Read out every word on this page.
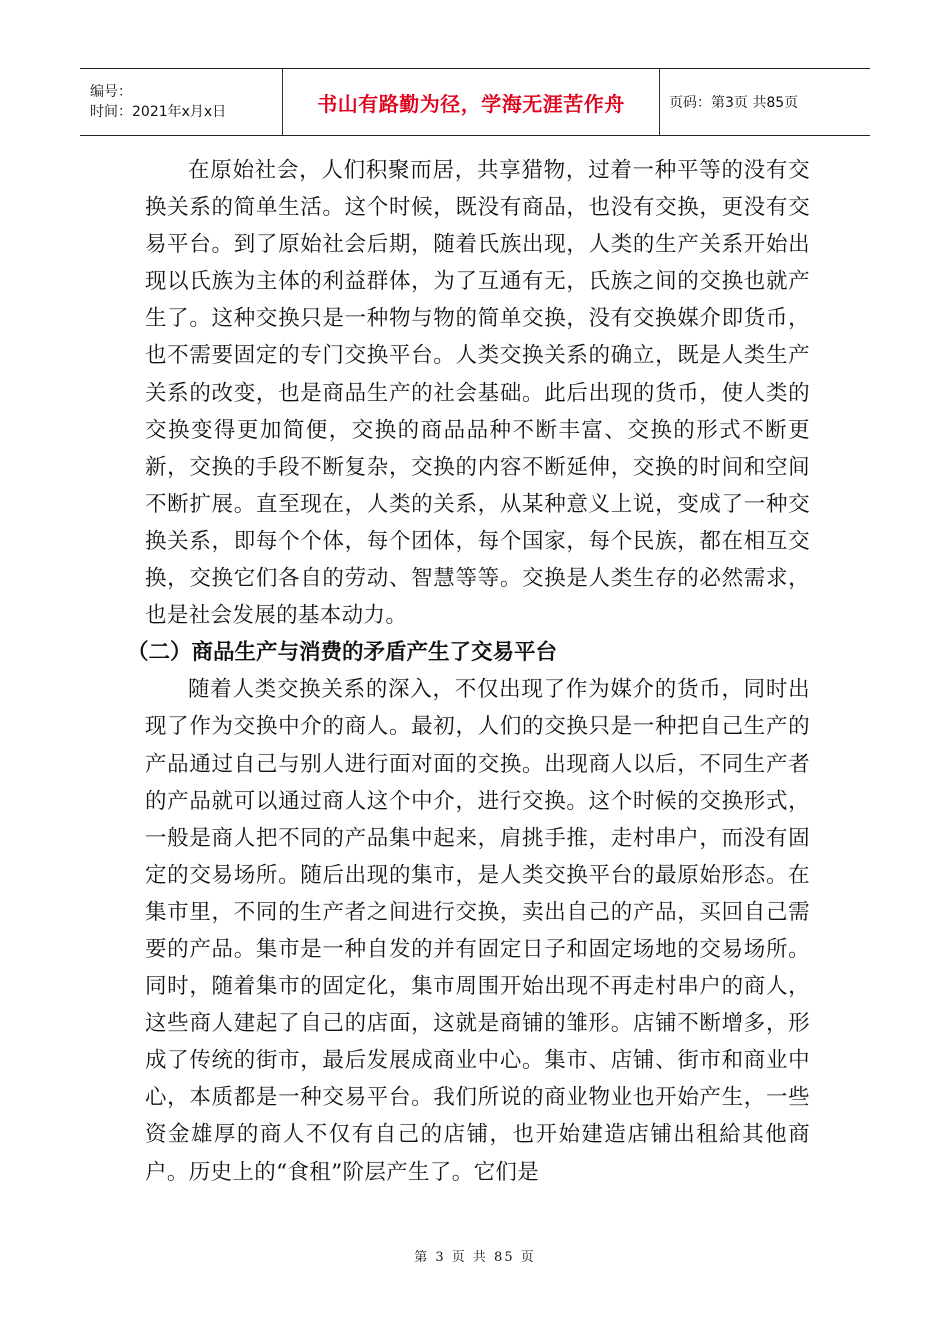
编号：
时间：2021年x月x日	书山有路勤为径，学海无涯苦作舟	页码：第3页 共85页

在原始社会，人们积聚而居，共享猎物，过着一种平等的没有交换关系的简单生活。这个时候，既没有商品，也没有交换，更没有交易平台。到了原始社会后期，随着氏族出现，人类的生产关系开始出现以氏族为主体的利益群体，为了互通有无，氏族之间的交换也就产生了。这种交换只是一种物与物的简单交换，没有交换媒介即货币，也不需要固定的专门交换平台。人类交换关系的确立，既是人类生产关系的改变，也是商品生产的社会基础。此后出现的货币，使人类的交换变得更加简便，交换的商品品种不断丰富、交换的形式不断更新，交换的手段不断复杂，交换的内容不断延伸，交换的时间和空间不断扩展。直至现在，人类的关系，从某种意义上说，变成了一种交换关系，即每个个体，每个团体，每个国家，每个民族，都在相互交换，交换它们各自的劳动、智慧等等。交换是人类生存的必然需求，也是社会发展的基本动力。

（二）商品生产与消费的矛盾产生了交易平台

随着人类交换关系的深入，不仅出现了作为媒介的货币，同时出现了作为交换中介的商人。最初，人们的交换只是一种把自己生产的产品通过自己与别人进行面对面的交换。出现商人以后，不同生产者的产品就可以通过商人这个中介，进行交换。这个时候的交换形式，一般是商人把不同的产品集中起来，肩挑手推，走村串户，而没有固定的交易场所。随后出现的集市，是人类交换平台的最原始形态。在集市里，不同的生产者之间进行交换，卖出自己的产品，买回自己需要的产品。集市是一种自发的并有固定日子和固定场地的交易场所。同时，随着集市的固定化，集市周围开始出现不再走村串户的商人，这些商人建起了自己的店面，这就是商铺的雏形。店铺不断增多，形成了传统的街市，最后发展成商业中心。集市、店铺、街市和商业中心，本质都是一种交易平台。我们所说的商业物业也开始产生，一些资金雄厚的商人不仅有自己的店铺，也开始建造店铺出租給其他商户。历史上的“食租”阶层产生了。它们是

第 3 页 共 85 页
